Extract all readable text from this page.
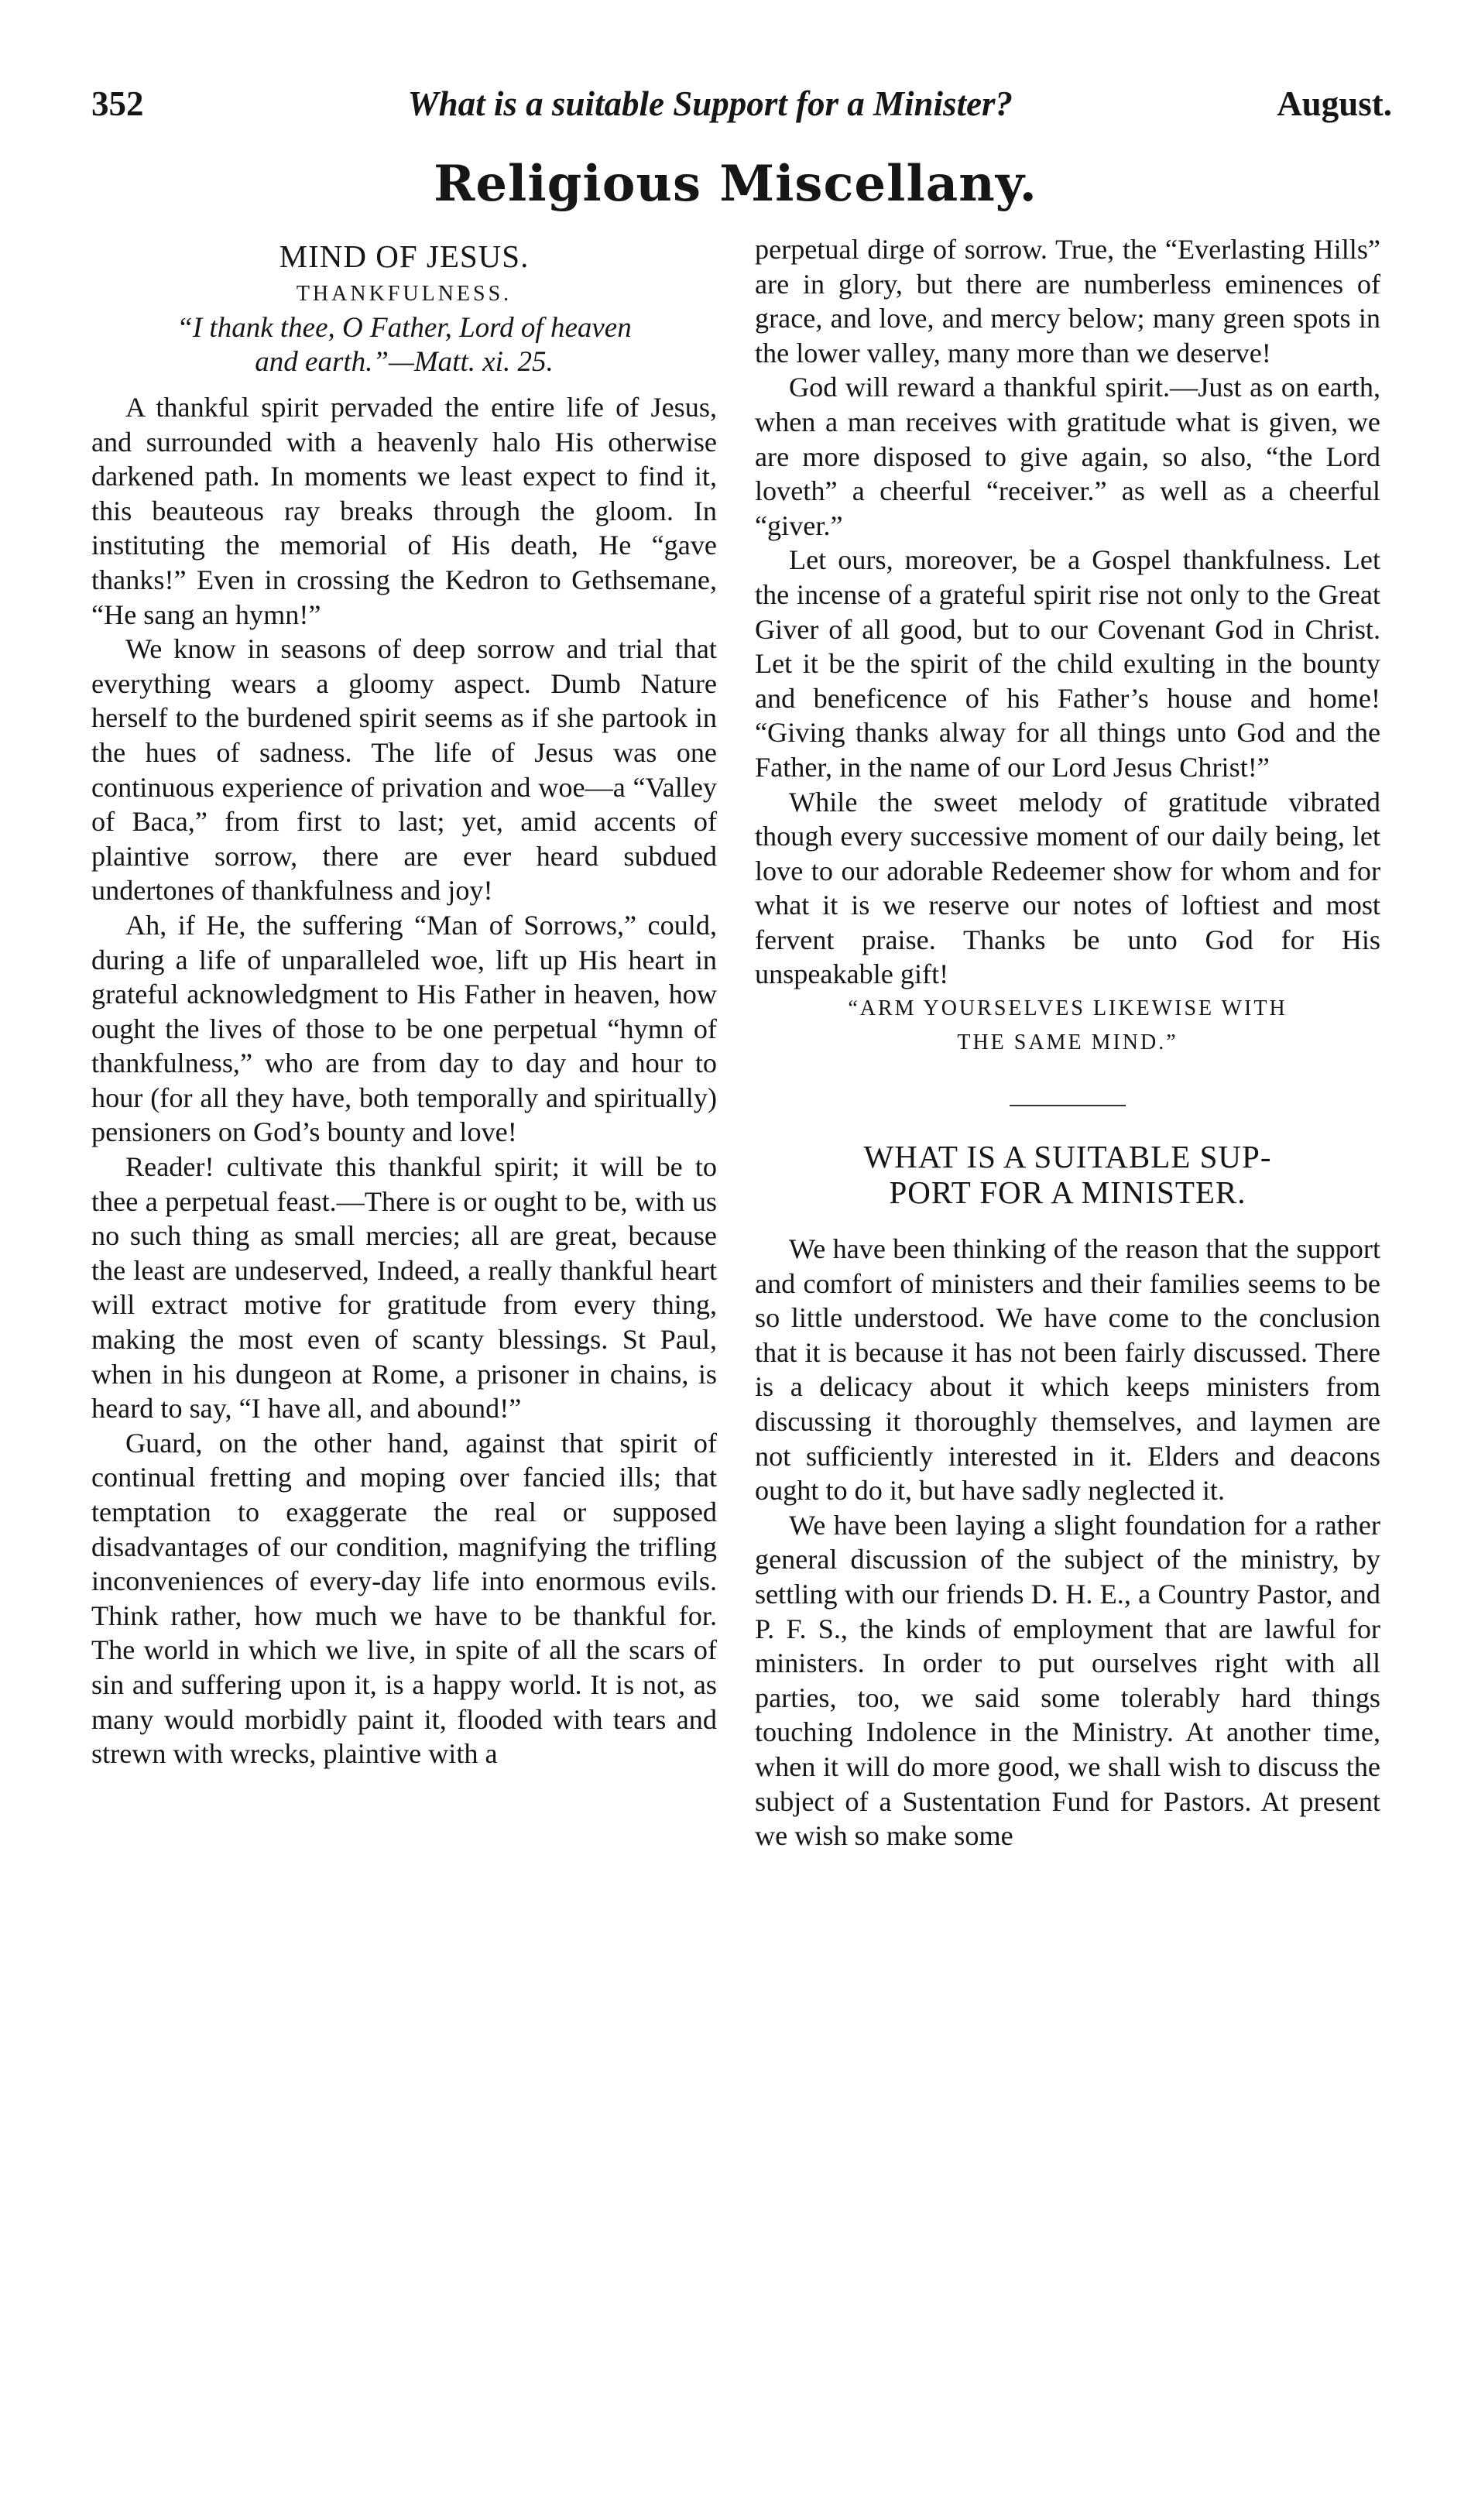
352	What is a suitable Support for a Minister?	August.
Religious Miscellany.
MIND OF JESUS.
THANKFULNESS.
“I thank thee, O Father, Lord of heaven
and earth.”—Matt. xi. 25.

A thankful spirit pervaded the entire life of Jesus, and surrounded with a heavenly halo His otherwise darkened path. In moments we least expect to find it, this beauteous ray breaks through the gloom. In instituting the memorial of His death, He “gave thanks!” Even in crossing the Kedron to Gethsemane, “He sang an hymn!”

We know in seasons of deep sorrow and trial that everything wears a gloomy aspect. Dumb Nature herself to the burdened spirit seems as if she partook in the hues of sadness. The life of Jesus was one continuous experience of privation and woe—a “Valley of Baca,” from first to last; yet, amid accents of plaintive sorrow, there are ever heard subdued undertones of thankfulness and joy!

Ah, if He, the suffering “Man of Sorrows,” could, during a life of unparalleled woe, lift up His heart in grateful acknowledgment to His Father in heaven, how ought the lives of those to be one perpetual “hymn of thankfulness,” who are from day to day and hour to hour (for all they have, both temporally and spiritually) pensioners on God’s bounty and love!

Reader! cultivate this thankful spirit; it will be to thee a perpetual feast.—There is or ought to be, with us no such thing as small mercies; all are great, because the least are undeserved, Indeed, a really thankful heart will extract motive for gratitude from every thing, making the most even of scanty blessings. St Paul, when in his dungeon at Rome, a prisoner in chains, is heard to say, “I have all, and abound!”

Guard, on the other hand, against that spirit of continual fretting and moping over fancied ills; that temptation to exaggerate the real or supposed disadvantages of our condition, magnifying the trifling inconveniences of every-day life into enormous evils. Think rather, how much we have to be thankful for. The world in which we live, in spite of all the scars of sin and suffering upon it, is a happy world. It is not, as many would morbidly paint it, flooded with tears and strewn with wrecks, plaintive with a

perpetual dirge of sorrow. True, the “Everlasting Hills” are in glory, but there are numberless eminences of grace, and love, and mercy below; many green spots in the lower valley, many more than we deserve!

God will reward a thankful spirit.—Just as on earth, when a man receives with gratitude what is given, we are more disposed to give again, so also, “the Lord loveth” a cheerful “receiver.” as well as a cheerful “giver.”

Let ours, moreover, be a Gospel thankfulness. Let the incense of a grateful spirit rise not only to the Great Giver of all good, but to our Covenant God in Christ. Let it be the spirit of the child exulting in the bounty and beneficence of his Father’s house and home! “Giving thanks alway for all things unto God and the Father, in the name of our Lord Jesus Christ!”

While the sweet melody of gratitude vibrated though every successive moment of our daily being, let love to our adorable Redeemer show for whom and for what it is we reserve our notes of loftiest and most fervent praise. Thanks be unto God for His unspeakable gift!

“ARM YOURSELVES LIKEWISE WITH
THE SAME MIND.”
WHAT IS A SUITABLE SUP-
PORT FOR A MINISTER.

We have been thinking of the reason that the support and comfort of ministers and their families seems to be so little understood. We have come to the conclusion that it is because it has not been fairly discussed. There is a delicacy about it which keeps ministers from discussing it thoroughly themselves, and laymen are not sufficiently interested in it. Elders and deacons ought to do it, but have sadly neglected it.

We have been laying a slight foundation for a rather general discussion of the subject of the ministry, by settling with our friends D. H. E., a Country Pastor, and P. F. S., the kinds of employment that are lawful for ministers. In order to put ourselves right with all parties, too, we said some tolerably hard things touching Indolence in the Ministry. At another time, when it will do more good, we shall wish to discuss the subject of a Sustentation Fund for Pastors. At present we wish so make some
